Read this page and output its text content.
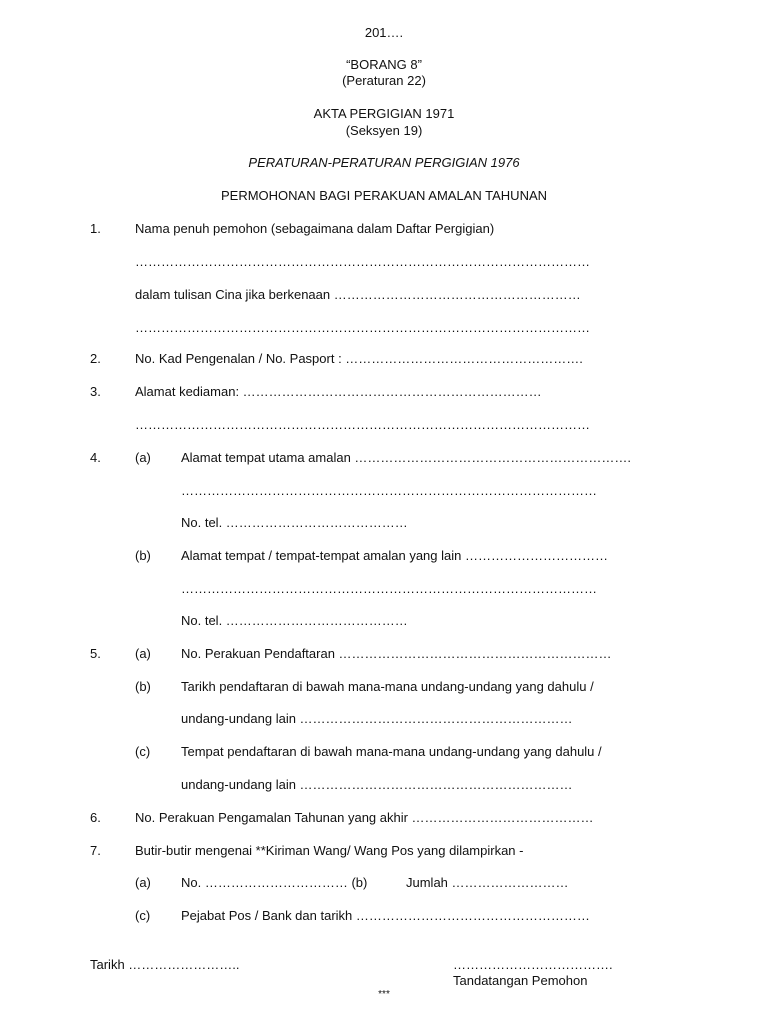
201….
“BORANG 8”
(Peraturan 22)
AKTA PERGIGIAN 1971
(Seksyen 19)
PERATURAN-PERATURAN PERGIGIAN 1976
PERMOHONAN BAGI PERAKUAN AMALAN TAHUNAN
1.	Nama penuh pemohon (sebagaimana dalam Daftar Pergigian)
……………………………………………………………………………………………
dalam tulisan Cina jika berkenaan …………………………………………………
……………………………………………………………………………………………
2.	No. Kad Pengenalan / No. Pasport : ……………………………………………….
3.	Alamat kediaman: ……………………………………………………………
……………………………………………………………………………………………
4.	(a) Alamat tempat utama amalan ……………………………………………………….
……………………………………………………………………………………
No. tel. ……………………………………
(b) Alamat tempat / tempat-tempat amalan yang lain ……………………………
……………………………………………………………………………………
No. tel. ……………………………………
5.	(a) No. Perakuan Pendaftaran ………………………………………………………
(b) Tarikh pendaftaran di bawah mana-mana undang-undang yang dahulu /
undang-undang lain ………………………………………………………
(c) Tempat pendaftaran di bawah mana-mana undang-undang yang dahulu /
undang-undang lain ………………………………………………………
6.	No. Perakuan Pengamalan Tahunan yang akhir ……………………………………
7.	Butir-butir mengenai **Kiriman Wang/ Wang Pos yang dilampirkan -
(a) No. …………………………… (b)	Jumlah ………………………
(c) Pejabat Pos / Bank dan tarikh ………………………………………………
Tarikh ……………………..	……………………………….
Tandatangan Pemohon
***
